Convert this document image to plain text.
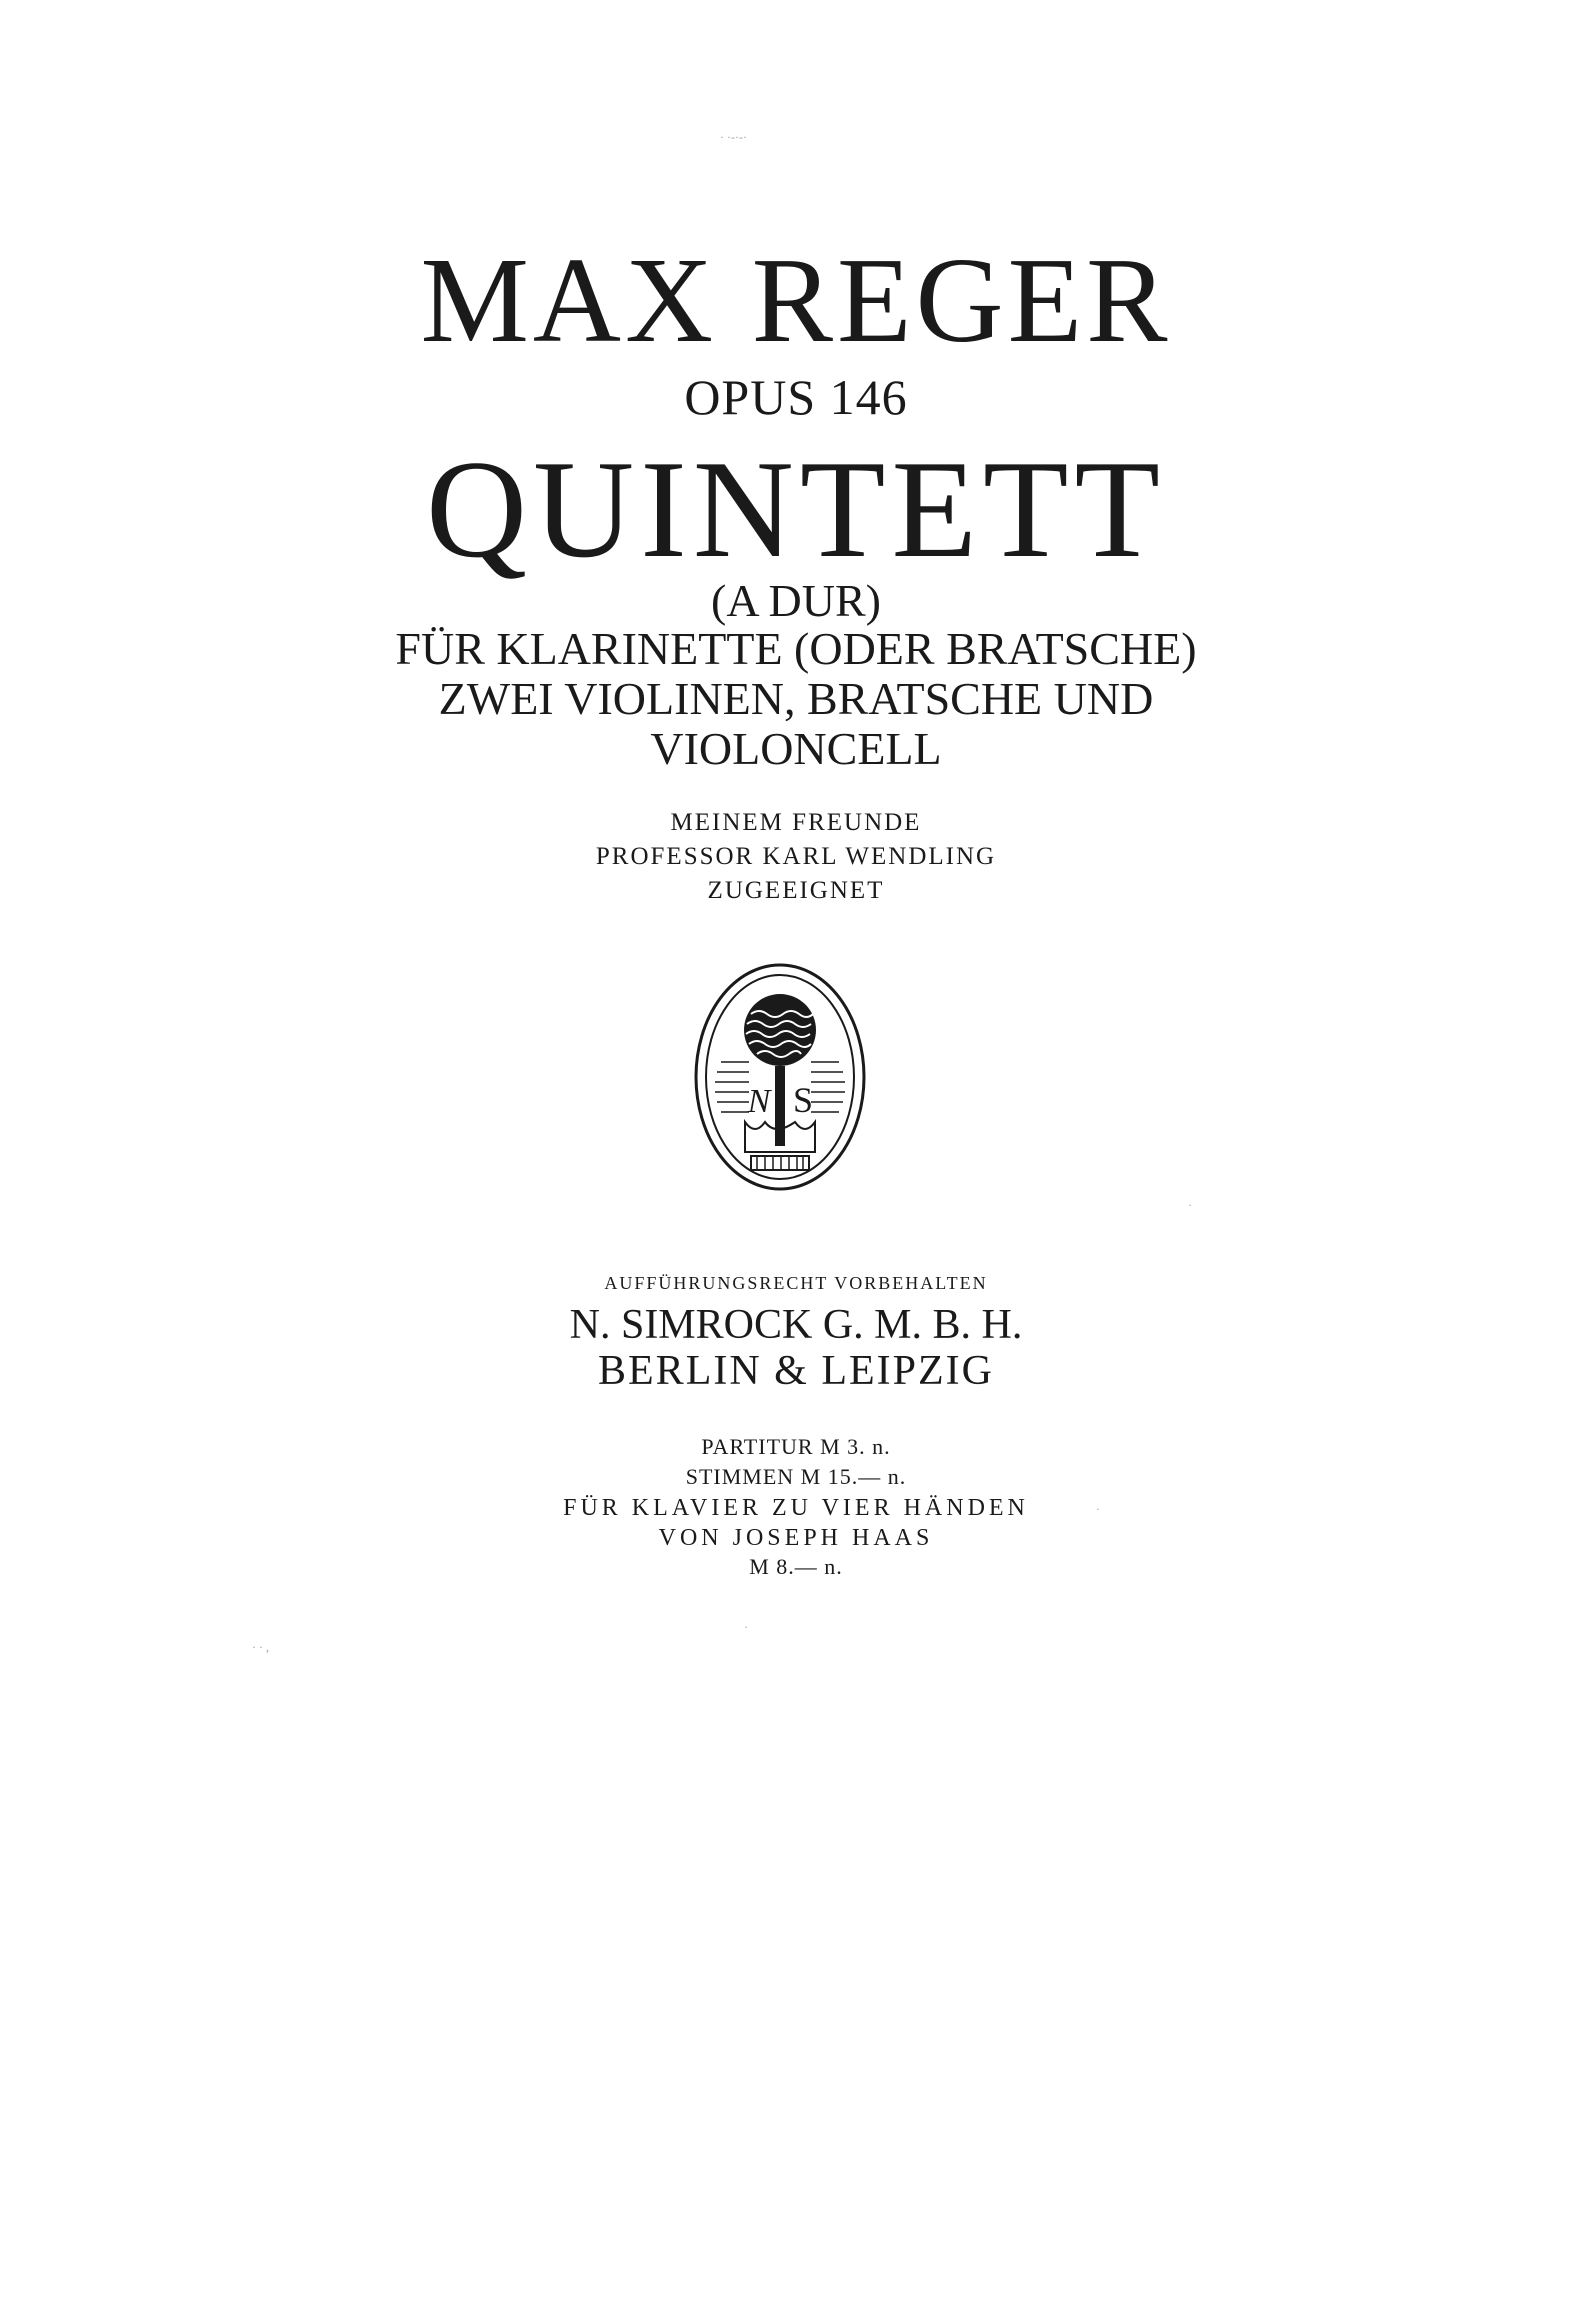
· ·-·-·
MAX REGER
OPUS 146
QUINTETT
(A DUR)
FÜR KLARINETTE (ODER BRATSCHE)
ZWEI VIOLINEN, BRATSCHE UND
VIOLONCELL
MEINEM FREUNDE
PROFESSOR KARL WENDLING
ZUGEEIGNET
N S
AUFFÜHRUNGSRECHT VORBEHALTEN
N. SIMROCK G. M. B. H.
BERLIN & LEIPZIG
PARTITUR M 3. n.
STIMMEN M 15.— n.
FÜR KLAVIER ZU VIER HÄNDEN
VON JOSEPH HAAS
M 8.— n.
·
·
· · ,
·
